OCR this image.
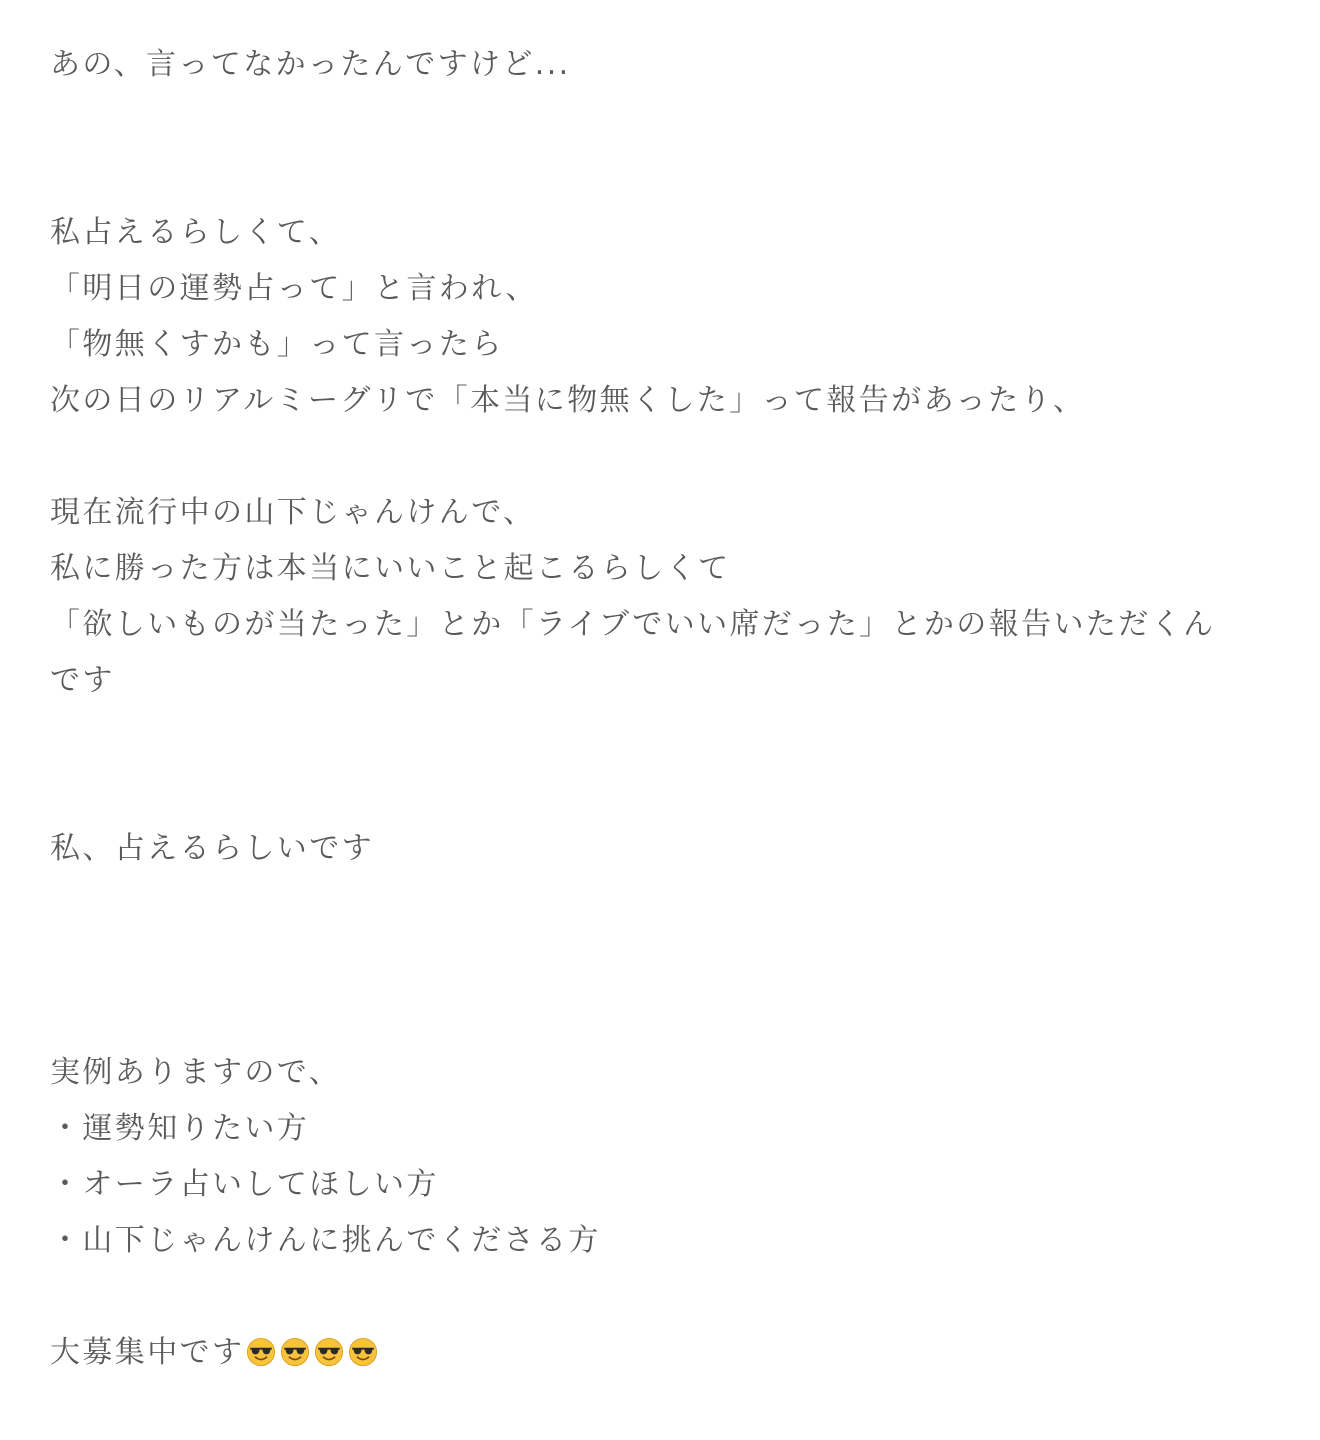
あの、言ってなかったんですけど...
私占えるらしくて、
「明日の運勢占って」と言われ、
「物無くすかも」って言ったら
次の日のリアルミーグリで「本当に物無くした」って報告があったり、
現在流行中の山下じゃんけんで、
私に勝った方は本当にいいこと起こるらしくて
「欲しいものが当たった」とか「ライブでいい席だった」とかの報告いただくん
です
私、占えるらしいです
実例ありますので、
・運勢知りたい方
・オーラ占いしてほしい方
・山下じゃんけんに挑んでくださる方
大募集中です
